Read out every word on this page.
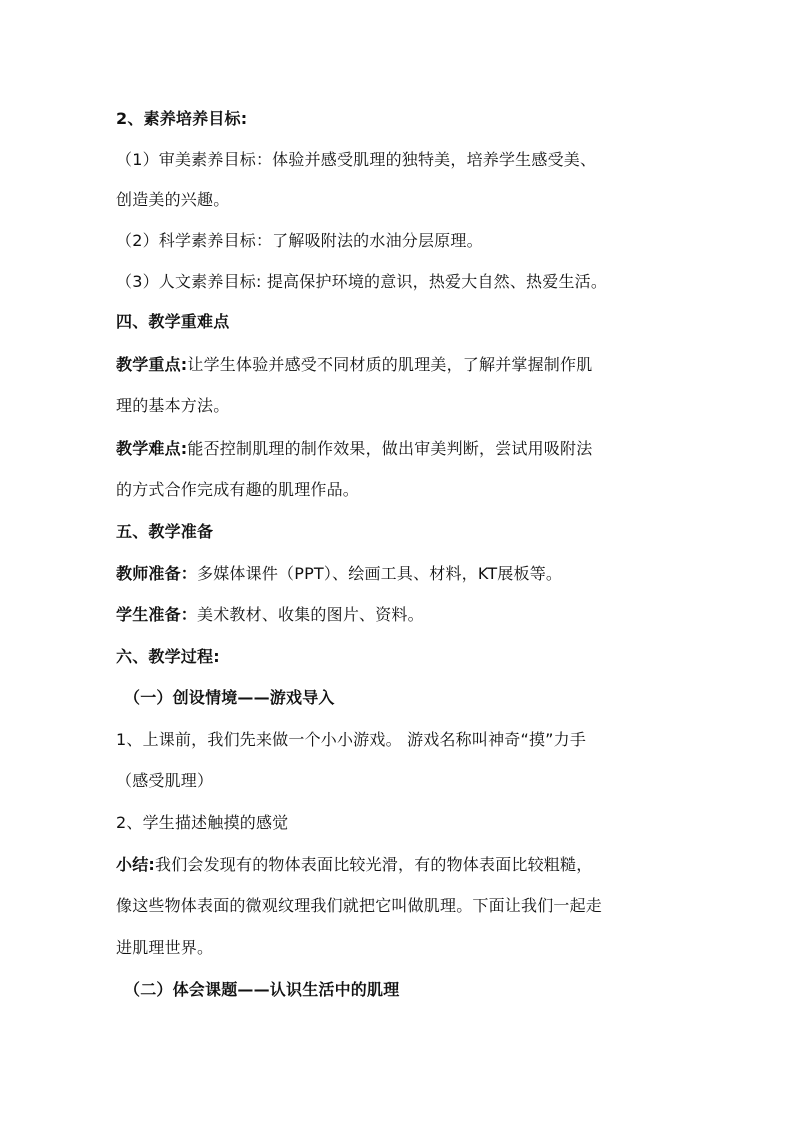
2、素养培养目标:
（1）审美素养目标：体验并感受肌理的独特美，培养学生感受美、
创造美的兴趣。
（2）科学素养目标：了解吸附法的水油分层原理。
（3）人文素养目标: 提高保护环境的意识，热爱大自然、热爱生活。
四、教学重难点
教学重点:让学生体验并感受不同材质的肌理美，了解并掌握制作肌
理的基本方法。
教学难点:能否控制肌理的制作效果，做出审美判断，尝试用吸附法
的方式合作完成有趣的肌理作品。
五、教学准备
教师准备：多媒体课件（PPT）、绘画工具、材料，KT展板等。
学生准备：美术教材、收集的图片、资料。
六、教学过程:
（一）创设情境——游戏导入
1、上课前，我们先来做一个小小游戏。 游戏名称叫神奇“摸”力手
（感受肌理）
2、学生描述触摸的感觉
小结:我们会发现有的物体表面比较光滑，有的物体表面比较粗糙，
像这些物体表面的微观纹理我们就把它叫做肌理。下面让我们一起走
进肌理世界。
（二）体会课题——认识生活中的肌理
